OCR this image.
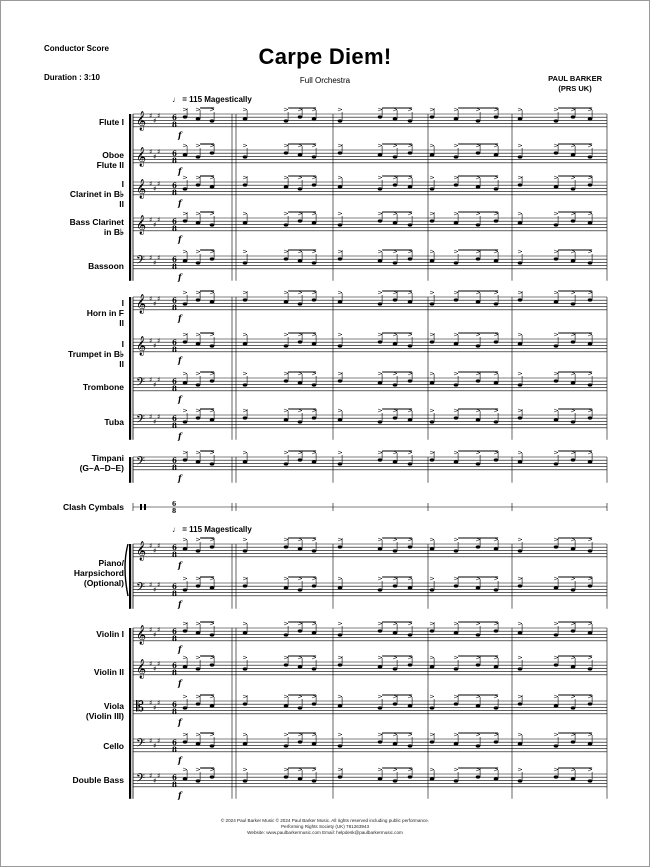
Conductor Score
Duration : 3:10
Carpe Diem!
Full Orchestra	PAUL BARKER
(PRS UK)
♩ = 115 Magestically
♩ = 115 Magestically
Flute I
Oboe
Flute II
I
Clarinet in B♭
II
Bass Clarinet
in B♭
Bassoon
I
Horn in F
II
I
Trumpet in B♭
II
Trombone
Tuba
Timpani
(G–A–D–E)
Clash Cymbals
Piano/
Harpsichord
(Optional)
Violin I
Violin II
Viola
(Violin III)
Cello
Double Bass
𝄞 ♯
♯
♯ 6
8
f
𝄞 ♯
♯
♯ 6
8
f
𝄞 ♯
♯
♯ 6
8
f
𝄞 ♯
♯
♯ 6
8
f
𝄢 ♯
♯
♯ 6
8
f
𝄞 ♯
♯
♯ 6
8
f
𝄞 ♯
♯
♯ 6
8
f
𝄢 ♯
♯
♯ 6
8
f
𝄢 ♯
♯
♯ 6
8
f
𝄢	6
8
f
𝄞 ♯
♯
♯ 6
8
f
𝄢 ♯
♯
♯ 6
8
f
𝄞 ♯
♯
♯ 6
8
f
𝄞 ♯
♯
♯ 6
8
f
𝄡 ♯
♯
♯ 6
8
f
𝄢 ♯
♯
♯ 6
8
f
𝄢 ♯
♯
♯ 6
8
f
6
8
© 2024 Paul Barker Music © 2024 Paul Barker Music. All rights reserved including public performance.
Performing Rights Society (UK) 781263943
Website: www.paulbarkermusic.com Email: helpdesk@paulbarkermusic.com
